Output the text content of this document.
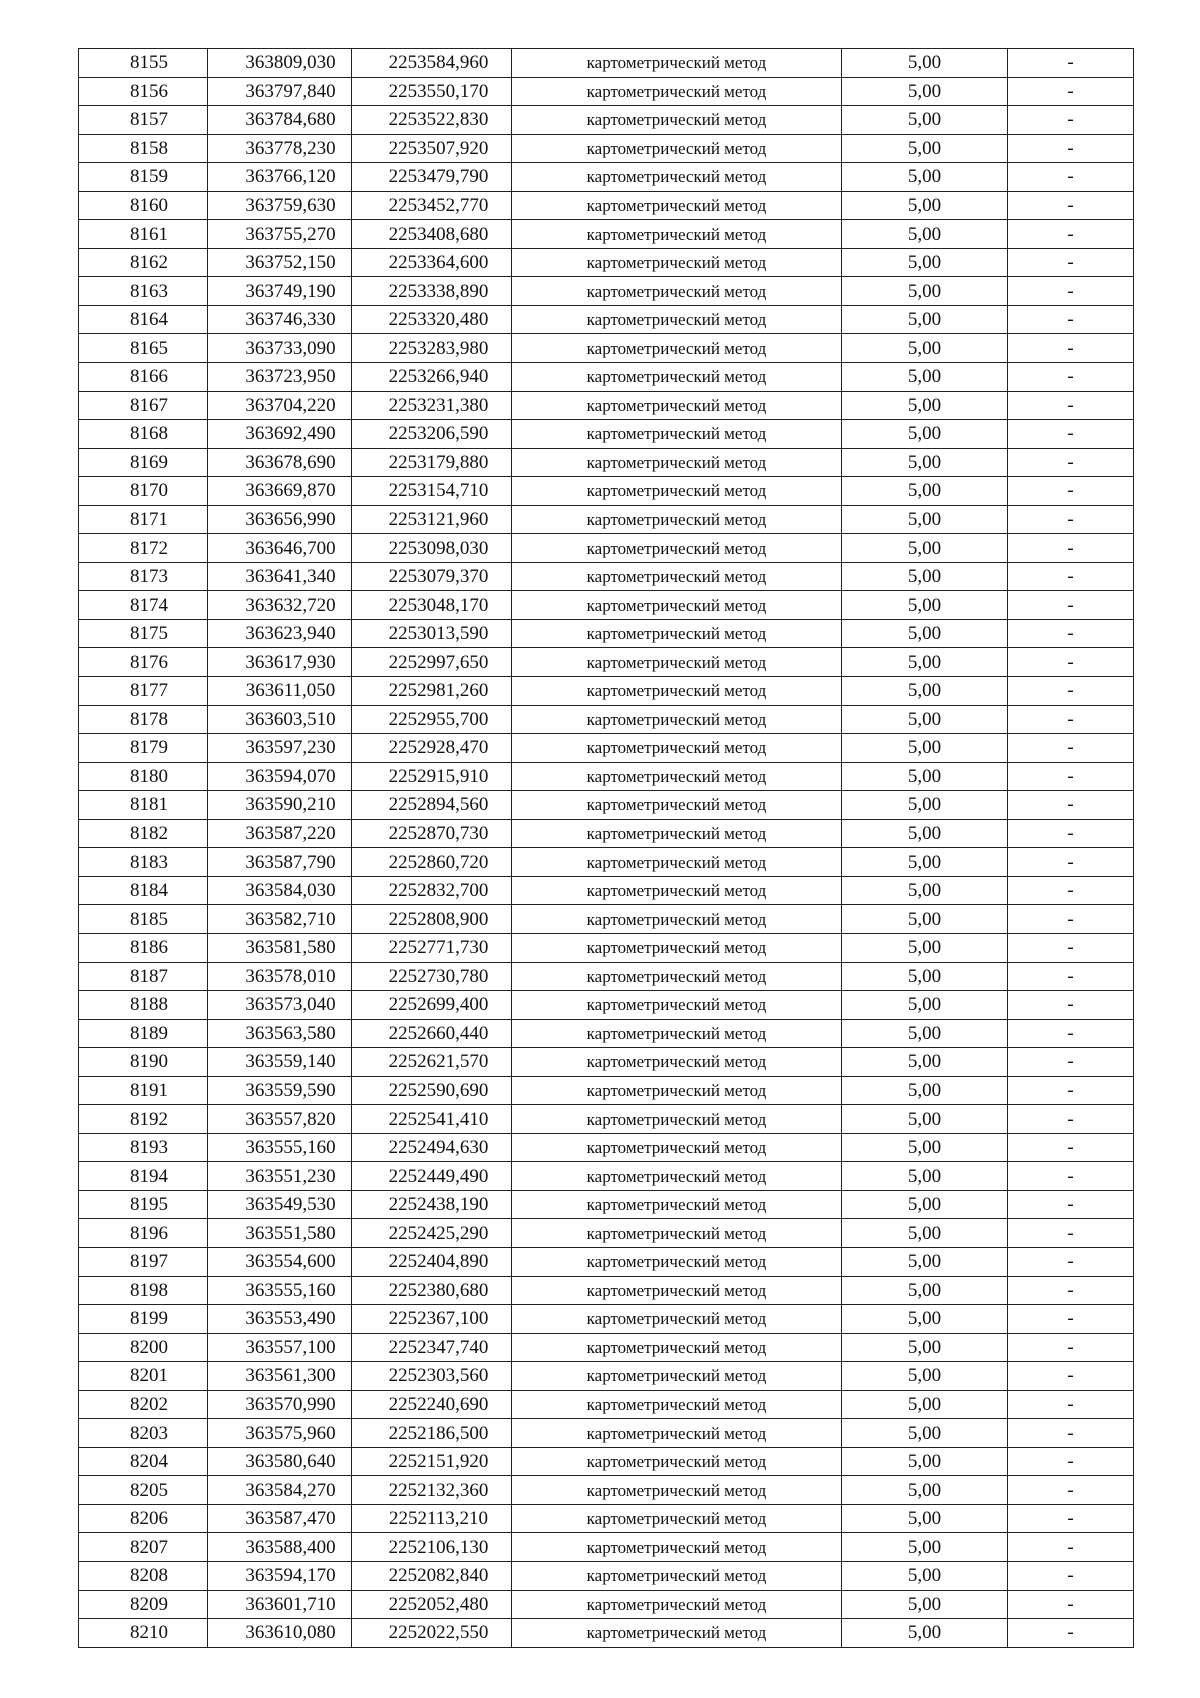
8155	363809,030	2253584,960	картометрический метод	5,00	-
8156	363797,840	2253550,170	картометрический метод	5,00	-
8157	363784,680	2253522,830	картометрический метод	5,00	-
8158	363778,230	2253507,920	картометрический метод	5,00	-
8159	363766,120	2253479,790	картометрический метод	5,00	-
8160	363759,630	2253452,770	картометрический метод	5,00	-
8161	363755,270	2253408,680	картометрический метод	5,00	-
8162	363752,150	2253364,600	картометрический метод	5,00	-
8163	363749,190	2253338,890	картометрический метод	5,00	-
8164	363746,330	2253320,480	картометрический метод	5,00	-
8165	363733,090	2253283,980	картометрический метод	5,00	-
8166	363723,950	2253266,940	картометрический метод	5,00	-
8167	363704,220	2253231,380	картометрический метод	5,00	-
8168	363692,490	2253206,590	картометрический метод	5,00	-
8169	363678,690	2253179,880	картометрический метод	5,00	-
8170	363669,870	2253154,710	картометрический метод	5,00	-
8171	363656,990	2253121,960	картометрический метод	5,00	-
8172	363646,700	2253098,030	картометрический метод	5,00	-
8173	363641,340	2253079,370	картометрический метод	5,00	-
8174	363632,720	2253048,170	картометрический метод	5,00	-
8175	363623,940	2253013,590	картометрический метод	5,00	-
8176	363617,930	2252997,650	картометрический метод	5,00	-
8177	363611,050	2252981,260	картометрический метод	5,00	-
8178	363603,510	2252955,700	картометрический метод	5,00	-
8179	363597,230	2252928,470	картометрический метод	5,00	-
8180	363594,070	2252915,910	картометрический метод	5,00	-
8181	363590,210	2252894,560	картометрический метод	5,00	-
8182	363587,220	2252870,730	картометрический метод	5,00	-
8183	363587,790	2252860,720	картометрический метод	5,00	-
8184	363584,030	2252832,700	картометрический метод	5,00	-
8185	363582,710	2252808,900	картометрический метод	5,00	-
8186	363581,580	2252771,730	картометрический метод	5,00	-
8187	363578,010	2252730,780	картометрический метод	5,00	-
8188	363573,040	2252699,400	картометрический метод	5,00	-
8189	363563,580	2252660,440	картометрический метод	5,00	-
8190	363559,140	2252621,570	картометрический метод	5,00	-
8191	363559,590	2252590,690	картометрический метод	5,00	-
8192	363557,820	2252541,410	картометрический метод	5,00	-
8193	363555,160	2252494,630	картометрический метод	5,00	-
8194	363551,230	2252449,490	картометрический метод	5,00	-
8195	363549,530	2252438,190	картометрический метод	5,00	-
8196	363551,580	2252425,290	картометрический метод	5,00	-
8197	363554,600	2252404,890	картометрический метод	5,00	-
8198	363555,160	2252380,680	картометрический метод	5,00	-
8199	363553,490	2252367,100	картометрический метод	5,00	-
8200	363557,100	2252347,740	картометрический метод	5,00	-
8201	363561,300	2252303,560	картометрический метод	5,00	-
8202	363570,990	2252240,690	картометрический метод	5,00	-
8203	363575,960	2252186,500	картометрический метод	5,00	-
8204	363580,640	2252151,920	картометрический метод	5,00	-
8205	363584,270	2252132,360	картометрический метод	5,00	-
8206	363587,470	2252113,210	картометрический метод	5,00	-
8207	363588,400	2252106,130	картометрический метод	5,00	-
8208	363594,170	2252082,840	картометрический метод	5,00	-
8209	363601,710	2252052,480	картометрический метод	5,00	-
8210	363610,080	2252022,550	картометрический метод	5,00	-
